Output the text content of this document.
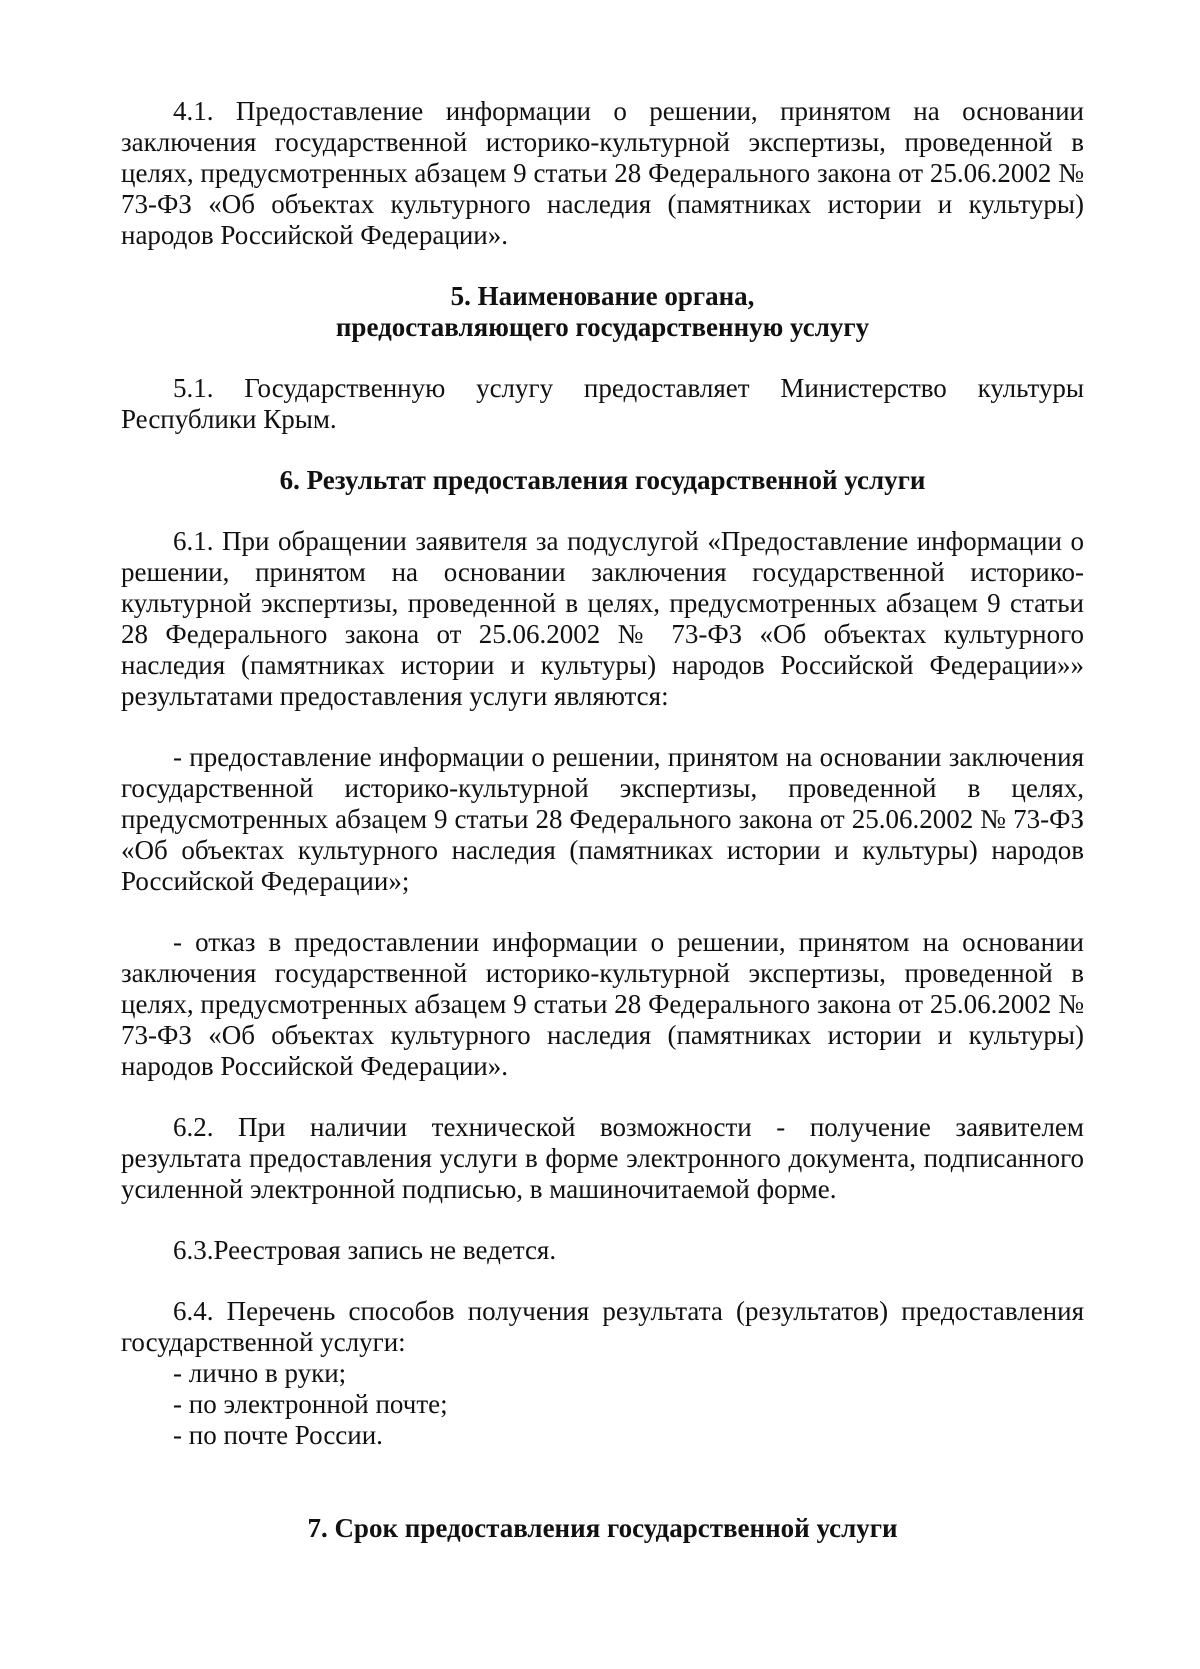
4.1. Предоставление информации о решении, принятом на основании заключения государственной историко-культурной экспертизы, проведенной в целях, предусмотренных абзацем 9 статьи 28 Федерального закона от 25.06.2002 № 73-ФЗ «Об объектах культурного наследия (памятниках истории и культуры) народов Российской Федерации».

5. Наименование органа,

предоставляющего государственную услугу

5.1. Государственную услугу предоставляет Министерство культуры Республики Крым.

6. Результат предоставления государственной услуги

6.1. При обращении заявителя за подуслугой «Предоставление информации о решении, принятом на основании заключения государственной историко-культурной экспертизы, проведенной в целях, предусмотренных абзацем 9 статьи 28 Федерального закона от 25.06.2002 № 73-ФЗ «Об объектах культурного наследия (памятниках истории и культуры) народов Российской Федерации»» результатами предоставления услуги являются:

- предоставление информации о решении, принятом на основании заключения государственной историко-культурной экспертизы, проведенной в целях, предусмотренных абзацем 9 статьи 28 Федерального закона от 25.06.2002 № 73-ФЗ «Об объектах культурного наследия (памятниках истории и культуры) народов Российской Федерации»;

- отказ в предоставлении информации о решении, принятом на основании заключения государственной историко-культурной экспертизы, проведенной в целях, предусмотренных абзацем 9 статьи 28 Федерального закона от 25.06.2002 № 73-ФЗ «Об объектах культурного наследия (памятниках истории и культуры) народов Российской Федерации».

6.2. При наличии технической возможности - получение заявителем результата предоставления услуги в форме электронного документа, подписанного усиленной электронной подписью, в машиночитаемой форме.

6.3.Реестровая запись не ведется.

6.4. Перечень способов получения результата (результатов) предоставления государственной услуги:

- лично в руки;

- по электронной почте;

- по почте России.

7. Срок предоставления государственной услуги
